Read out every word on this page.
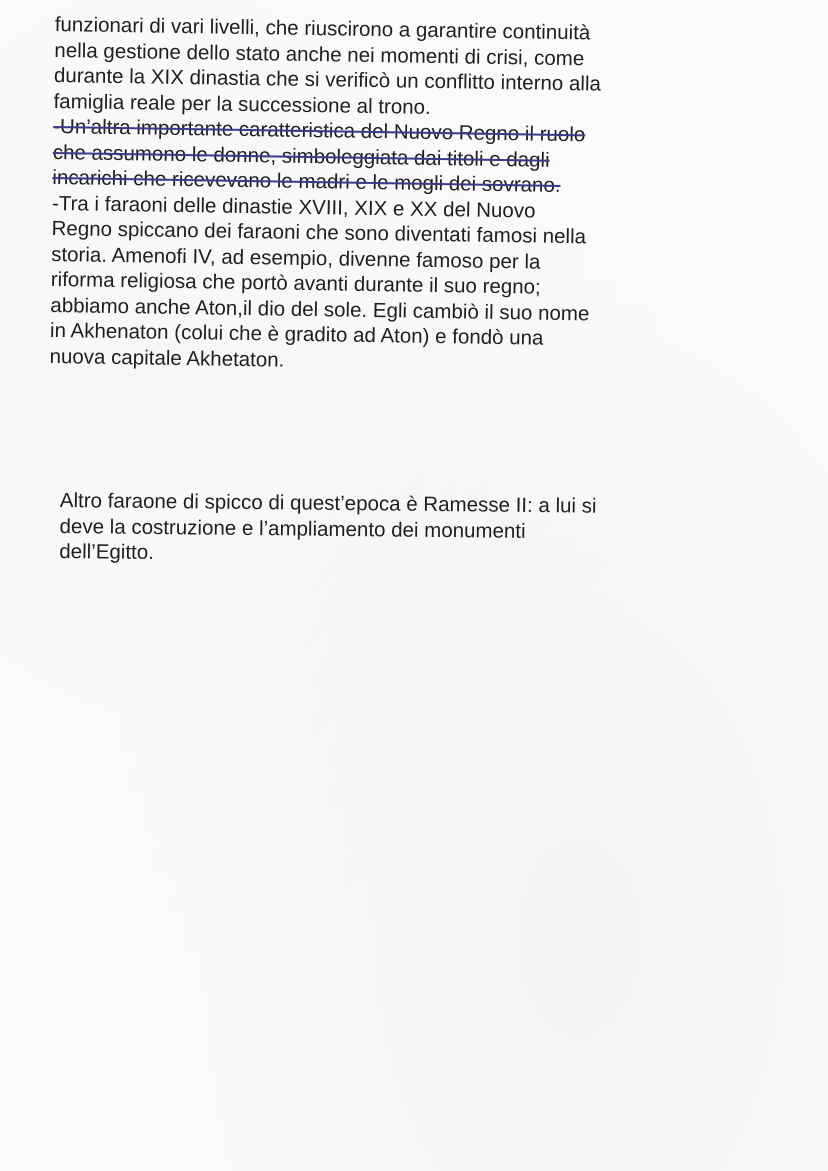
funzionari di vari livelli, che riuscirono a garantire continuità
nella gestione dello stato anche nei momenti di crisi, come
durante la XIX dinastia che si verificò un conflitto interno alla
famiglia reale per la successione al trono.
-Un’altra importante caratteristica del Nuovo Regno il ruolo
che assumono le donne, simboleggiata dai titoli e dagli
incarichi che ricevevano le madri e le mogli dei sovrano.
-Tra i faraoni delle dinastie XVIII, XIX e XX del Nuovo
Regno spiccano dei faraoni che sono diventati famosi nella
storia. Amenofi IV, ad esempio, divenne famoso per la
riforma religiosa che portò avanti durante il suo regno;
abbiamo anche Aton,il dio del sole. Egli cambiò il suo nome
in Akhenaton (colui che è gradito ad Aton) e fondò una
nuova capitale Akhetaton.
Altro faraone di spicco di quest’epoca è Ramesse II: a lui si
deve la costruzione e l’ampliamento dei monumenti
dell’Egitto.
